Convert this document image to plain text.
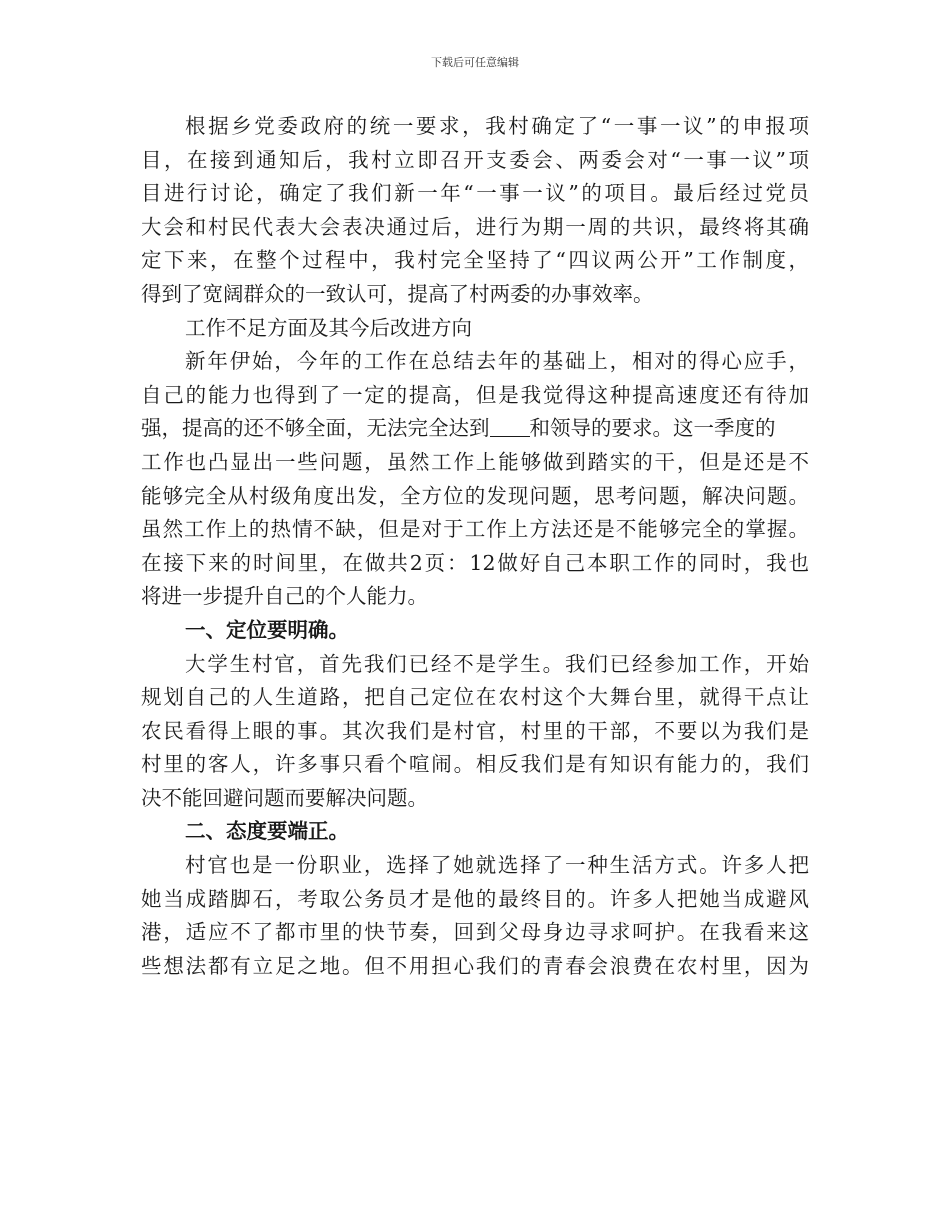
下载后可任意编辑
根据乡党委政府的统一要求，我村确定了“一事一议”的申报项
目，在接到通知后，我村立即召开支委会、两委会对“一事一议”项
目进行讨论，确定了我们新一年“一事一议”的项目。最后经过党员
大会和村民代表大会表决通过后，进行为期一周的共识，最终将其确
定下来，在整个过程中，我村完全坚持了“四议两公开”工作制度，
得到了宽阔群众的一致认可，提高了村两委的办事效率。
工作不足方面及其今后改进方向
新年伊始，今年的工作在总结去年的基础上，相对的得心应手，
自己的能力也得到了一定的提高，但是我觉得这种提高速度还有待加
强，提高的还不够全面，无法完全达到 和领导的要求。这一季度的
工作也凸显出一些问题，虽然工作上能够做到踏实的干，但是还是不
能够完全从村级角度出发，全方位的发现问题，思考问题，解决问题。
虽然工作上的热情不缺，但是对于工作上方法还是不能够完全的掌握。
在接下来的时间里，在做共2页：12做好自己本职工作的同时，我也
将进一步提升自己的个人能力。
一、定位要明确。
大学生村官，首先我们已经不是学生。我们已经参加工作，开始
规划自己的人生道路，把自己定位在农村这个大舞台里，就得干点让
农民看得上眼的事。其次我们是村官，村里的干部，不要以为我们是
村里的客人，许多事只看个喧闹。相反我们是有知识有能力的，我们
决不能回避问题而要解决问题。
二、态度要端正。
村官也是一份职业，选择了她就选择了一种生活方式。许多人把
她当成踏脚石，考取公务员才是他的最终目的。许多人把她当成避风
港，适应不了都市里的快节奏，回到父母身边寻求呵护。在我看来这
些想法都有立足之地。但不用担心我们的青春会浪费在农村里，因为
